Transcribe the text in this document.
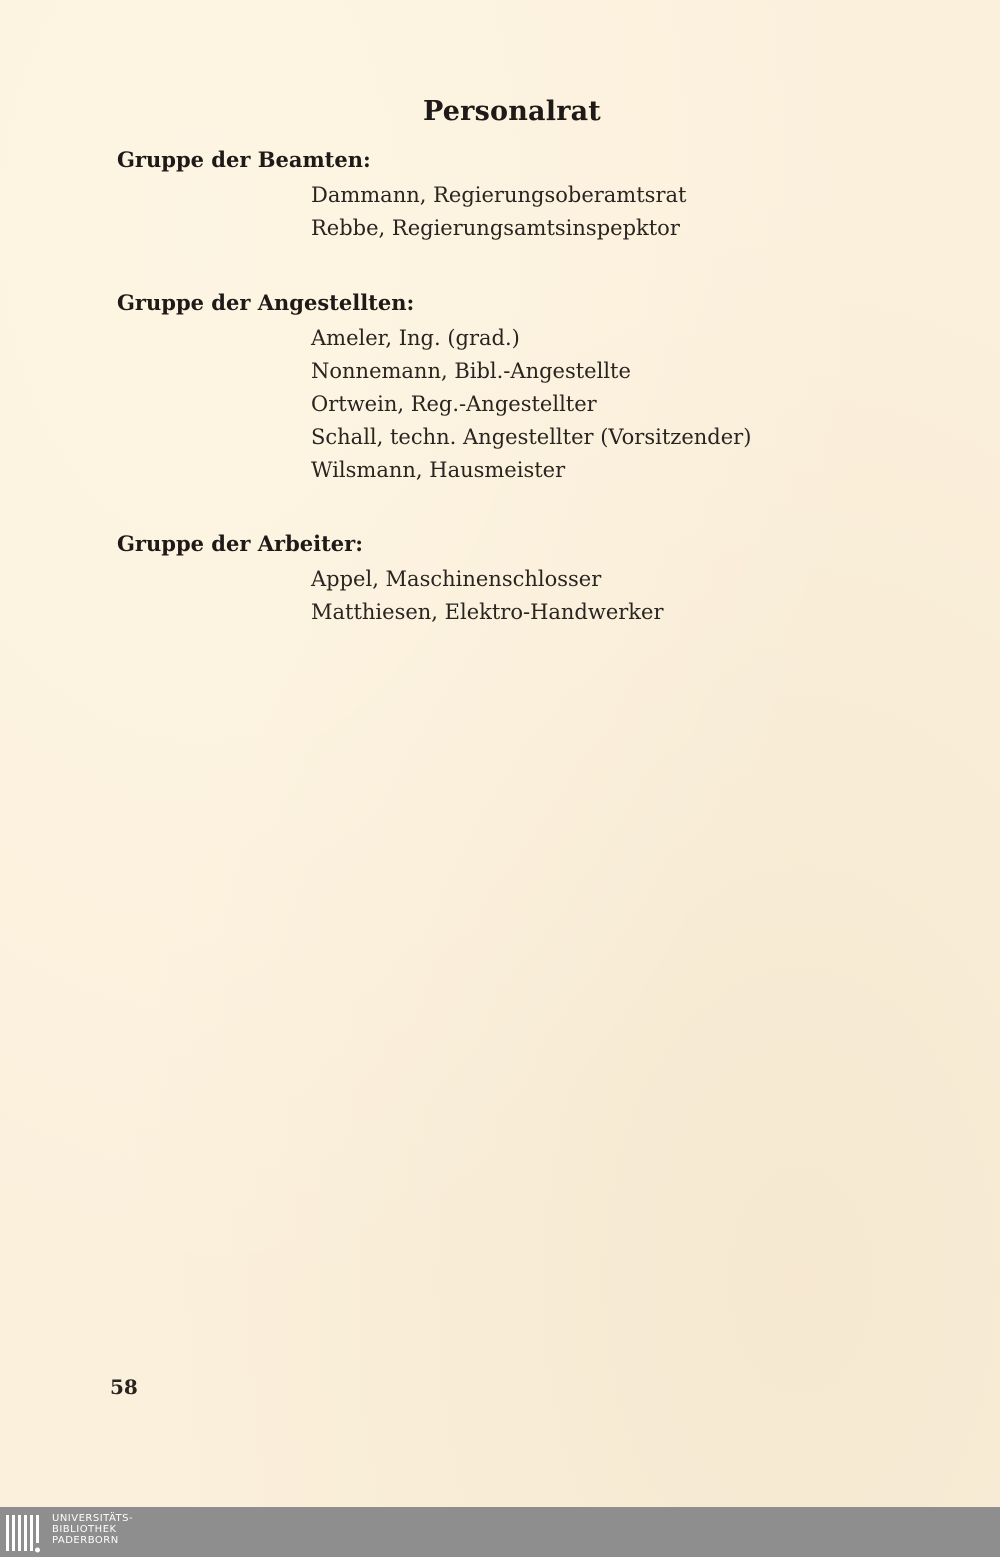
Personalrat
Gruppe der Beamten:
Dammann, Regierungsoberamtsrat
Rebbe, Regierungsamtsinspepktor
Gruppe der Angestellten:
Ameler, Ing. (grad.)
Nonnemann, Bibl.-Angestellte
Ortwein, Reg.-Angestellter
Schall, techn. Angestellter (Vorsitzender)
Wilsmann, Hausmeister
Gruppe der Arbeiter:
Appel, Maschinenschlosser
Matthiesen, Elektro-Handwerker
58
UNIVERSITÄTS-
BIBLIOTHEK
PADERBORN
